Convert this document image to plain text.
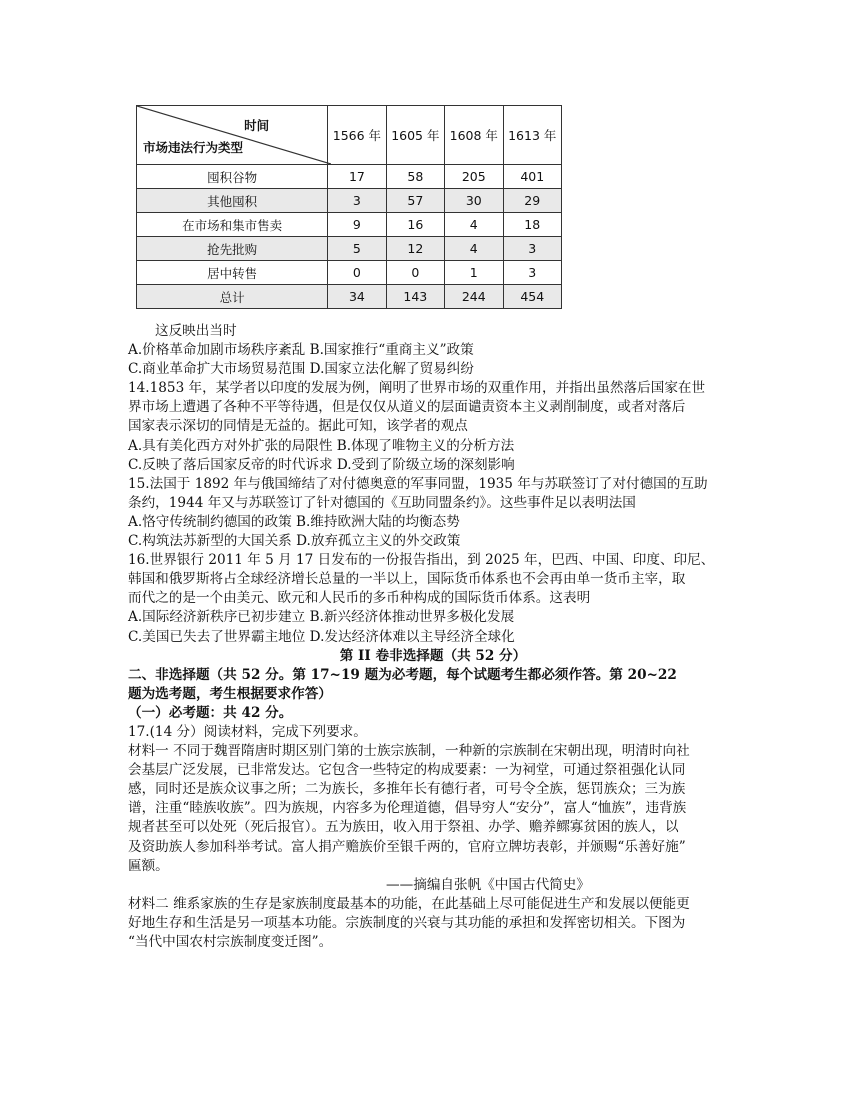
时间
市场违法行为类型	1566 年	1605 年	1608 年	1613 年
囤积谷物	17	58	205	401
其他囤积	3	57	30	29
在市场和集市售卖	9	16	4	18
抢先批购	5	12	4	3
居中转售	0	0	1	3
总计	34	143	244	454

这反映出当时

A.价格革命加剧市场秩序紊乱 B.国家推行“重商主义”政策

C.商业革命扩大市场贸易范围 D.国家立法化解了贸易纠纷

14.1853 年，某学者以印度的发展为例，阐明了世界市场的双重作用，并指出虽然落后国家在世

界市场上遭遇了各种不平等待遇，但是仅仅从道义的层面谴责资本主义剥削制度，或者对落后

国家表示深切的同情是无益的。据此可知，该学者的观点

A.具有美化西方对外扩张的局限性 B.体现了唯物主义的分析方法

C.反映了落后国家反帝的时代诉求 D.受到了阶级立场的深刻影响

15.法国于 1892 年与俄国缔结了对付德奥意的军事同盟，1935 年与苏联签订了对付德国的互助

条约，1944 年又与苏联签订了针对德国的《互助同盟条约》。这些事件足以表明法国

A.恪守传统制约德国的政策 B.维持欧洲大陆的均衡态势

C.构筑法苏新型的大国关系 D.放弃孤立主义的外交政策

16.世界银行 2011 年 5 月 17 日发布的一份报告指出，到 2025 年，巴西、中国、印度、印尼、

韩国和俄罗斯将占全球经济增长总量的一半以上，国际货币体系也不会再由单一货币主宰，取

而代之的是一个由美元、欧元和人民币的多币种构成的国际货币体系。这表明

A.国际经济新秩序已初步建立 B.新兴经济体推动世界多极化发展

C.美国已失去了世界霸主地位 D.发达经济体难以主导经济全球化

第 II 卷非选择题（共 52 分）

二、非选择题（共 52 分。第 17~19 题为必考题，每个试题考生都必须作答。第 20~22

题为选考题，考生根据要求作答）

（一）必考题：共 42 分。

17.(14 分）阅读材料，完成下列要求。

材料一 不同于魏晋隋唐时期区别门第的士族宗族制，一种新的宗族制在宋朝出现，明清时向社

会基层广泛发展，已非常发达。它包含一些特定的构成要素：一为祠堂，可通过祭祖强化认同

感，同时还是族众议事之所；二为族长，多推年长有德行者，可号令全族，惩罚族众；三为族

谱，注重“睦族收族”。四为族规，内容多为伦理道德，倡导穷人“安分”，富人“恤族”，违背族

规者甚至可以处死（死后报官）。五为族田，收入用于祭祖、办学、赡养鳏寡贫困的族人，以

及资助族人参加科举考试。富人捐产赡族价至银千两的，官府立牌坊表彰，并颁赐“乐善好施”

匾额。

——摘编自张帆《中国古代简史》

材料二 维系家族的生存是家族制度最基本的功能，在此基础上尽可能促进生产和发展以便能更

好地生存和生活是另一项基本功能。宗族制度的兴衰与其功能的承担和发挥密切相关。下图为

“当代中国农村宗族制度变迁图”。
